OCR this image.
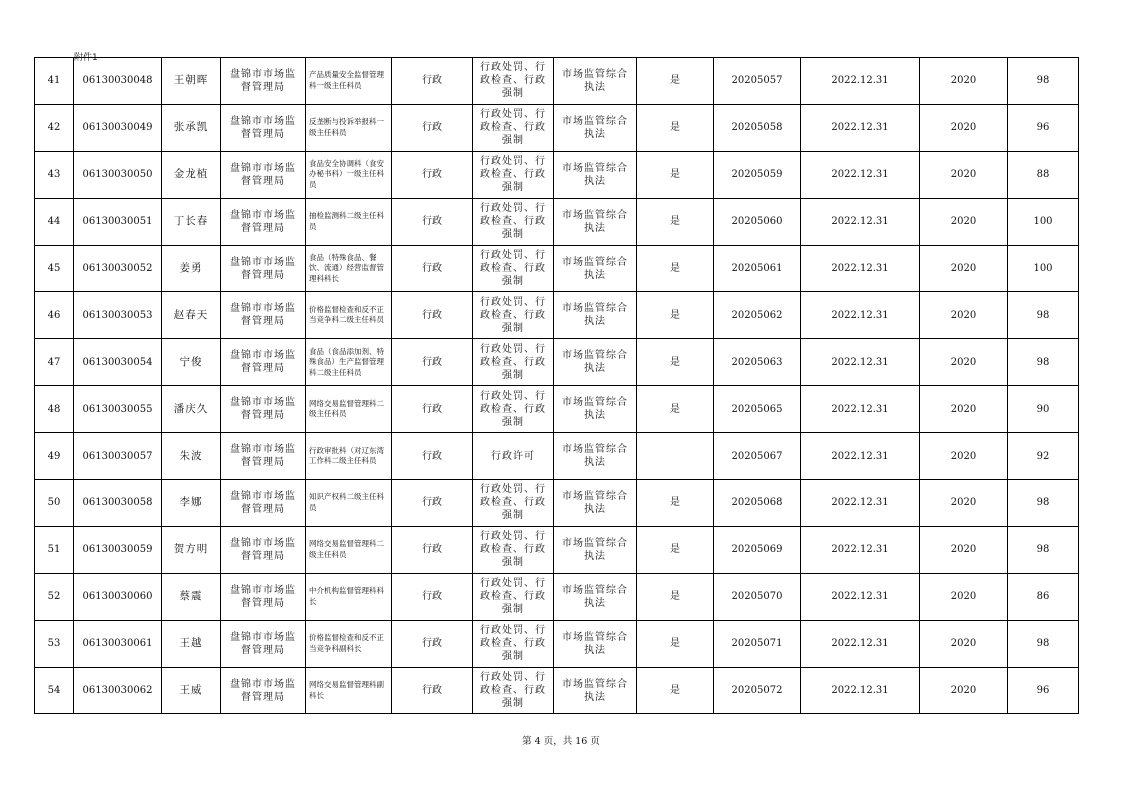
附件1
41	06130030048	王朝晖	盘锦市市场监督管理局	产品质量安全监督管理科一级主任科员	行政	行政处罚、行政检查、行政强制	市场监管综合执法	是	20205057	2022.12.31	2020	98
42	06130030049	张承凯	盘锦市市场监督管理局	反垄断与投诉举报科一级主任科员	行政	行政处罚、行政检查、行政强制	市场监管综合执法	是	20205058	2022.12.31	2020	96
43	06130030050	金龙植	盘锦市市场监督管理局	食品安全协调科（食安办秘书科）一级主任科员	行政	行政处罚、行政检查、行政强制	市场监管综合执法	是	20205059	2022.12.31	2020	88
44	06130030051	丁长春	盘锦市市场监督管理局	抽检监测科二级主任科员	行政	行政处罚、行政检查、行政强制	市场监管综合执法	是	20205060	2022.12.31	2020	100
45	06130030052	姜勇	盘锦市市场监督管理局	食品（特殊食品、餐饮、流通）经营监督管理科科长	行政	行政处罚、行政检查、行政强制	市场监管综合执法	是	20205061	2022.12.31	2020	100
46	06130030053	赵春天	盘锦市市场监督管理局	价格监督检查和反不正当竞争科二级主任科员	行政	行政处罚、行政检查、行政强制	市场监管综合执法	是	20205062	2022.12.31	2020	98
47	06130030054	宁俊	盘锦市市场监督管理局	食品（食品添加剂、特殊食品）生产监督管理科二级主任科员	行政	行政处罚、行政检查、行政强制	市场监管综合执法	是	20205063	2022.12.31	2020	98
48	06130030055	潘庆久	盘锦市市场监督管理局	网络交易监督管理科二级主任科员	行政	行政处罚、行政检查、行政强制	市场监管综合执法	是	20205065	2022.12.31	2020	90
49	06130030057	朱波	盘锦市市场监督管理局	行政审批科（对辽东湾工作科二级主任科员	行政	行政许可	市场监管综合执法		20205067	2022.12.31	2020	92
50	06130030058	李娜	盘锦市市场监督管理局	知识产权科二级主任科员	行政	行政处罚、行政检查、行政强制	市场监管综合执法	是	20205068	2022.12.31	2020	98
51	06130030059	贺方明	盘锦市市场监督管理局	网络交易监督管理科二级主任科员	行政	行政处罚、行政检查、行政强制	市场监管综合执法	是	20205069	2022.12.31	2020	98
52	06130030060	蔡震	盘锦市市场监督管理局	中介机构监督管理科科长	行政	行政处罚、行政检查、行政强制	市场监管综合执法	是	20205070	2022.12.31	2020	86
53	06130030061	王越	盘锦市市场监督管理局	价格监督检查和反不正当竞争科副科长	行政	行政处罚、行政检查、行政强制	市场监管综合执法	是	20205071	2022.12.31	2020	98
54	06130030062	王威	盘锦市市场监督管理局	网络交易监督管理科副科长	行政	行政处罚、行政检查、行政强制	市场监管综合执法	是	20205072	2022.12.31	2020	96
第 4 页，共 16 页
